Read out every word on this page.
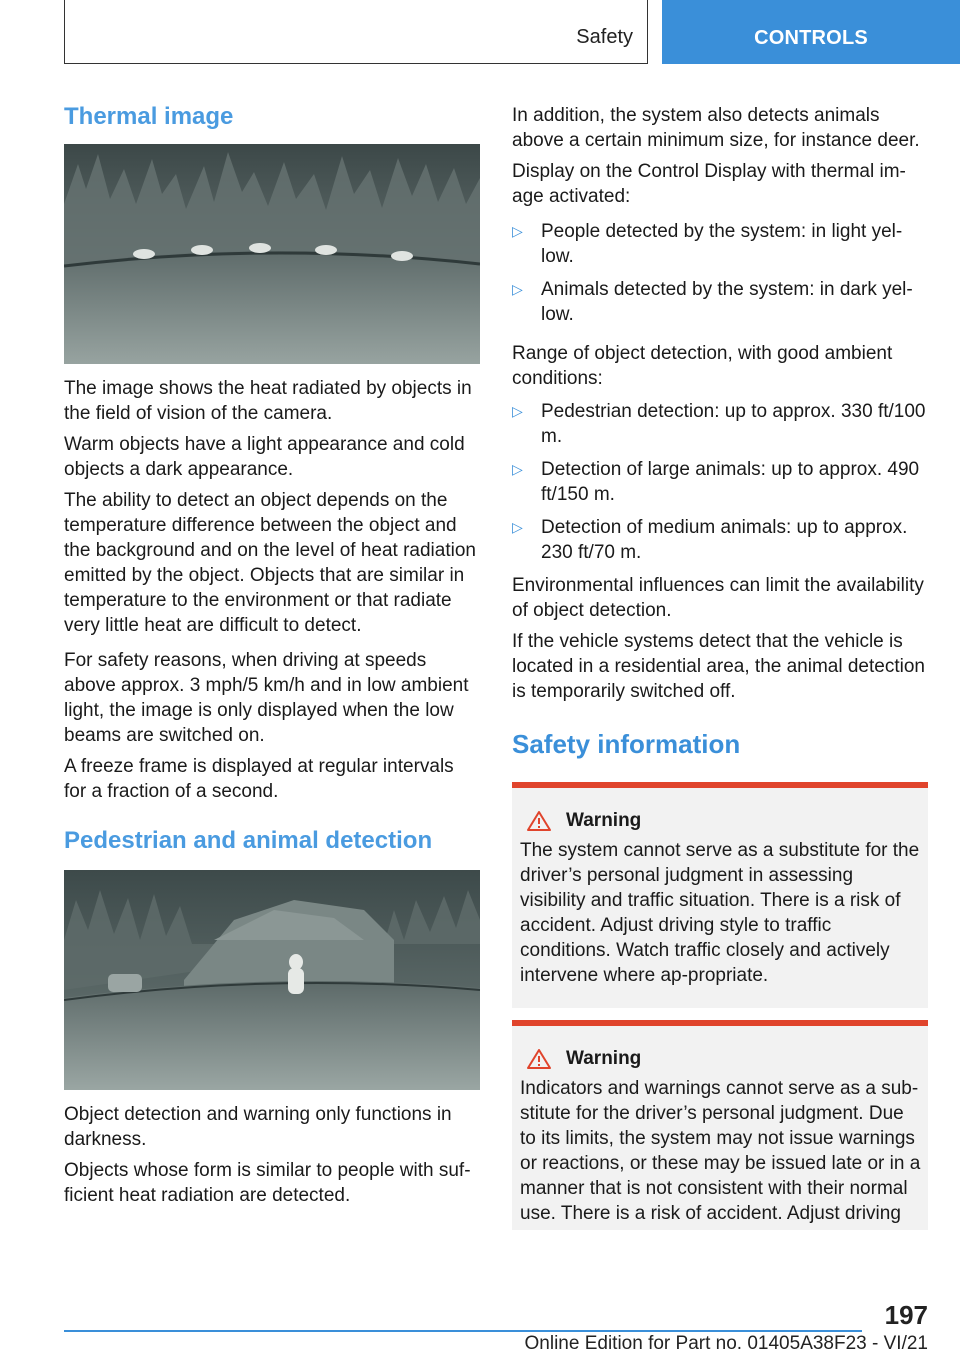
Safety	CONTROLS
Thermal image

The image shows the heat radiated by objects in the field of vision of the camera.

Warm objects have a light appearance and cold objects a dark appearance.

The ability to detect an object depends on the temperature difference between the object and the background and on the level of heat radiation emitted by the object. Objects that are similar in temperature to the environment or that radiate very little heat are difficult to detect.

For safety reasons, when driving at speeds above approx. 3 mph/5 km/h and in low ambient light, the image is only displayed when the low beams are switched on.

A freeze frame is displayed at regular intervals for a fraction of a second.

Pedestrian and animal detection

Object detection and warning only functions in darkness.

Objects whose form is similar to people with suf‐ficient heat radiation are detected.

In addition, the system also detects animals above a certain minimum size, for instance deer.

Display on the Control Display with thermal im‐age activated:

▷ People detected by the system: in light yel‐low.
▷ Animals detected by the system: in dark yel‐low.

Range of object detection, with good ambient conditions:

▷ Pedestrian detection: up to approx. 330 ft/100 m.
▷ Detection of large animals: up to approx. 490 ft/150 m.
▷ Detection of medium animals: up to approx. 230 ft/70 m.

Environmental influences can limit the availability of object detection.

If the vehicle systems detect that the vehicle is located in a residential area, the animal detection is temporarily switched off.

Safety information
Warning

The system cannot serve as a substitute for the driver’s personal judgment in assessing visibility and traffic situation. There is a risk of accident. Adjust driving style to traffic conditions. Watch traffic closely and actively intervene where ap‐propriate.

Warning

Indicators and warnings cannot serve as a sub‐stitute for the driver’s personal judgment. Due to its limits, the system may not issue warnings or reactions, or these may be issued late or in a manner that is not consistent with their normal use. There is a risk of accident. Adjust driving

197
Online Edition for Part no. 01405A38F23 - VI/21
